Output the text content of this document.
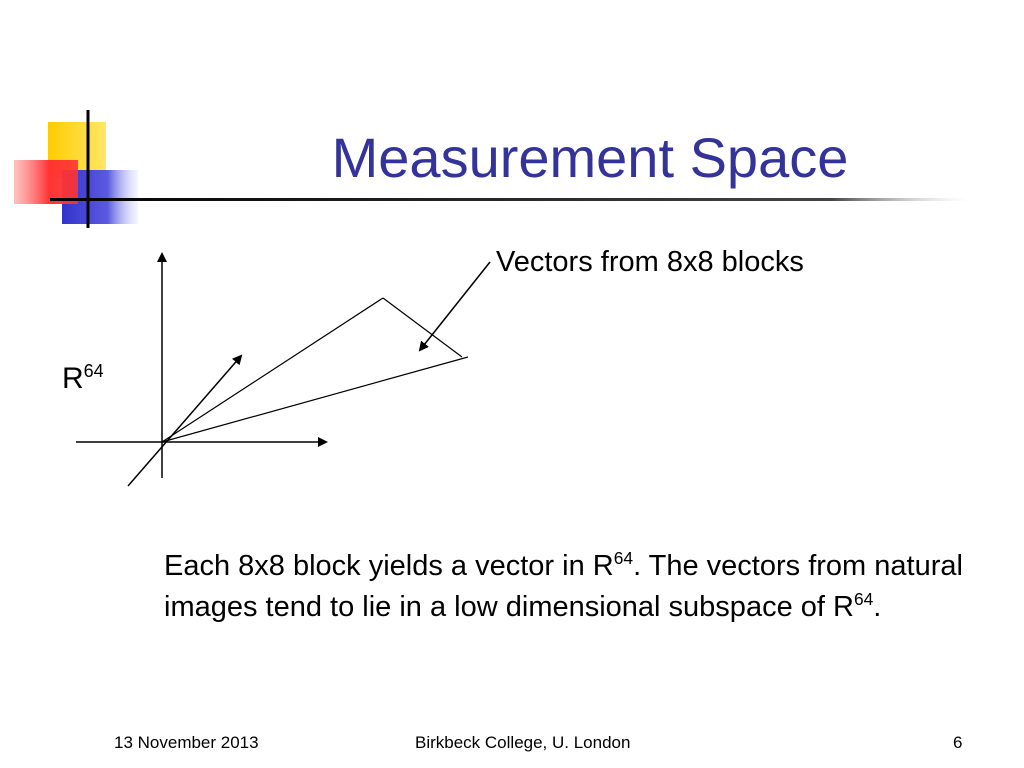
Measurement Space
Vectors from 8x8 blocks
$R^{64}$
Each 8x8 block yields a vector in $R^{64}$. The vectors from natural images tend to lie in a low dimensional subspace of $R^{64}$.
13 November 2013	Birkbeck College, U. London	6
